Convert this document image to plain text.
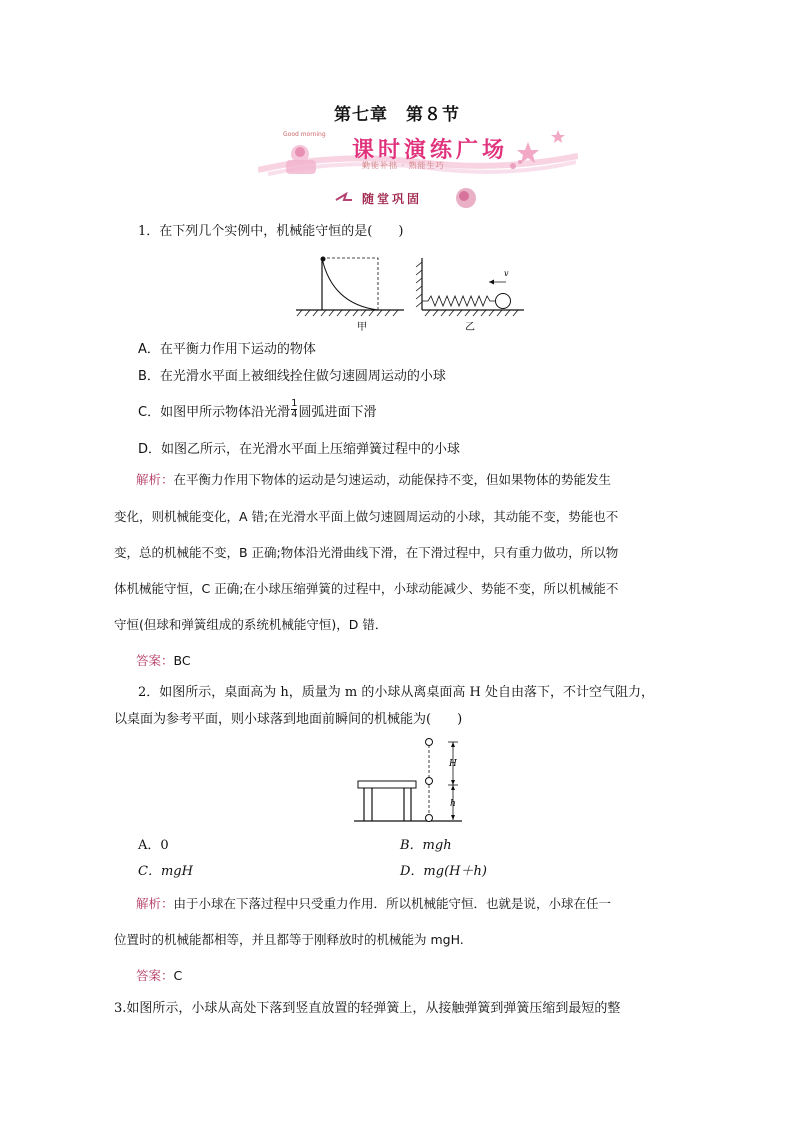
第七章　第８节
Good morning
课时演练广场
勤能补拙 · 熟能生巧
随堂巩固
1．在下列几个实例中，机械能守恒的是(　　)
v
甲	乙
A．在平衡力作用下运动的物体
B．在光滑水平面上被细线拴住做匀速圆周运动的小球
C．如图甲所示物体沿光滑 $\frac{1}{4}$ 圆弧进面下滑
D．如图乙所示，在光滑水平面上压缩弹簧过程中的小球
解析：在平衡力作用下物体的运动是匀速运动，动能保持不变，但如果物体的势能发生
变化，则机械能变化，A 错;在光滑水平面上做匀速圆周运动的小球，其动能不变，势能也不
变，总的机械能不变，B 正确;物体沿光滑曲线下滑，在下滑过程中，只有重力做功，所以物
体机械能守恒，C 正确;在小球压缩弹簧的过程中，小球动能减少、势能不变，所以机械能不
守恒(但球和弹簧组成的系统机械能守恒)，D 错．
答案：BC
2．如图所示，桌面高为 h，质量为 m 的小球从离桌面高 H 处自由落下，不计空气阻力，
以桌面为参考平面，则小球落到地面前瞬间的机械能为(　　)
H
h
A．0	B．mgh
C．mgH	D．mg(H＋h)
解析：由于小球在下落过程中只受重力作用．所以机械能守恒．也就是说，小球在任一
位置时的机械能都相等，并且都等于刚释放时的机械能为 mgH.
答案：C
3.如图所示，小球从高处下落到竖直放置的轻弹簧上，从接触弹簧到弹簧压缩到最短的整
